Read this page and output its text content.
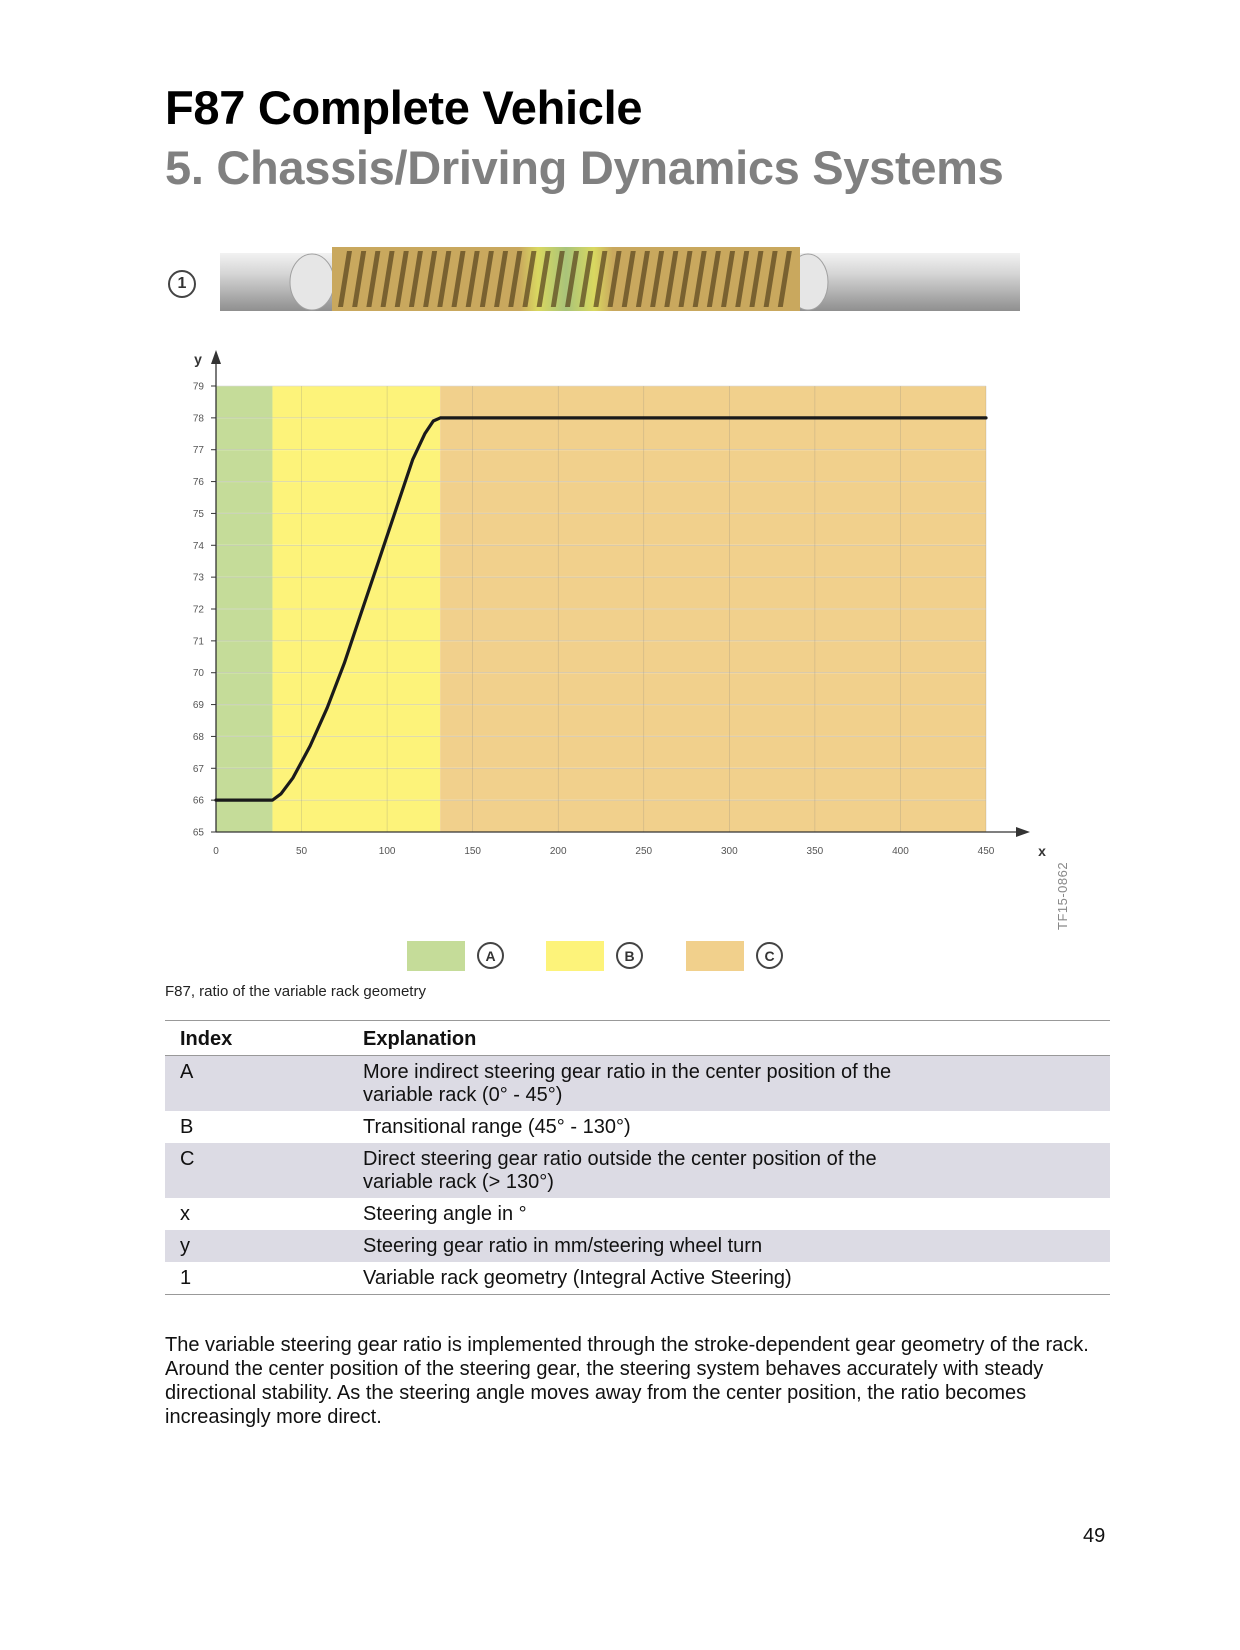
F87 Complete Vehicle
5. Chassis/Driving Dynamics Systems
1
y
x
65
66
67
68
69
70
71
72
73
74
75
76
77
78
79
0	50	100	150	200	250	300	350	400	450
A	B	C
TF15-0862
F87, ratio of the variable rack geometry
Index	Explanation
A	More indirect steering gear ratio in the center position of the
variable rack (0° - 45°)

B	Transitional range (45° - 130°)

C	Direct steering gear ratio outside the center position of the
variable rack (> 130°)

x	Steering angle in °

y	Steering gear ratio in mm/steering wheel turn

1	Variable rack geometry (Integral Active Steering)

The variable steering gear ratio is implemented through the stroke-dependent gear geometry of the rack. Around the center position of the steering gear, the steering system behaves accurately with steady directional stability. As the steering angle moves away from the center position, the ratio becomes increasingly more direct.

49
